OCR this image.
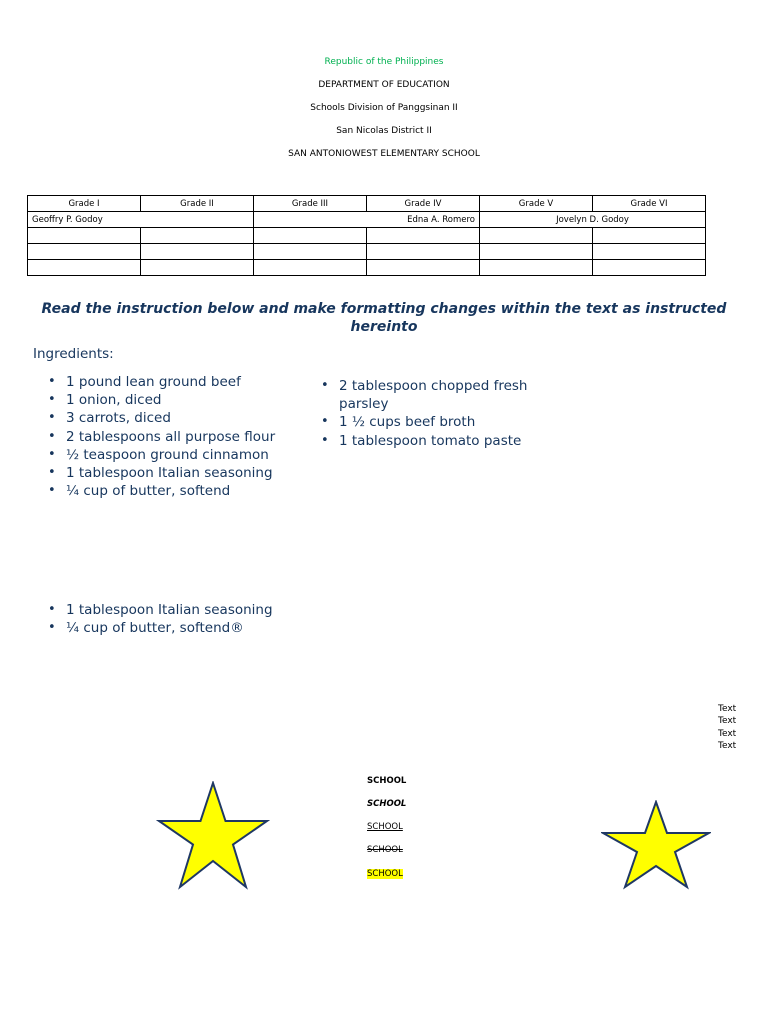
Republic of the Philippines
DEPARTMENT OF EDUCATION
Schools Division of Panggsinan II
San Nicolas District II
SAN ANTONIOWEST ELEMENTARY SCHOOL
Grade I	Grade II	Grade III	Grade IV	Grade V	Grade VI
Geoffry P. Godoy		Edna A. Romero		Jovelyn D. Godoy	

Read the instruction below and make formatting changes within the text as instructed hereinto
Ingredients:
• 1 pound lean ground beef
• 1 onion, diced
• 3 carrots, diced
• 2 tablespoons all purpose flour
• ½ teaspoon ground cinnamon
• 1 tablespoon Italian seasoning
• ¼ cup of butter, softend
• 2 tablespoon chopped fresh parsley
• 1 ½ cups beef broth
• 1 tablespoon tomato paste
• 1 tablespoon Italian seasoning
• ¼ cup of butter, softend®
Text
Text
Text
Text
SCHOOL
SCHOOL
SCHOOL
SCHOOL
SCHOOL
